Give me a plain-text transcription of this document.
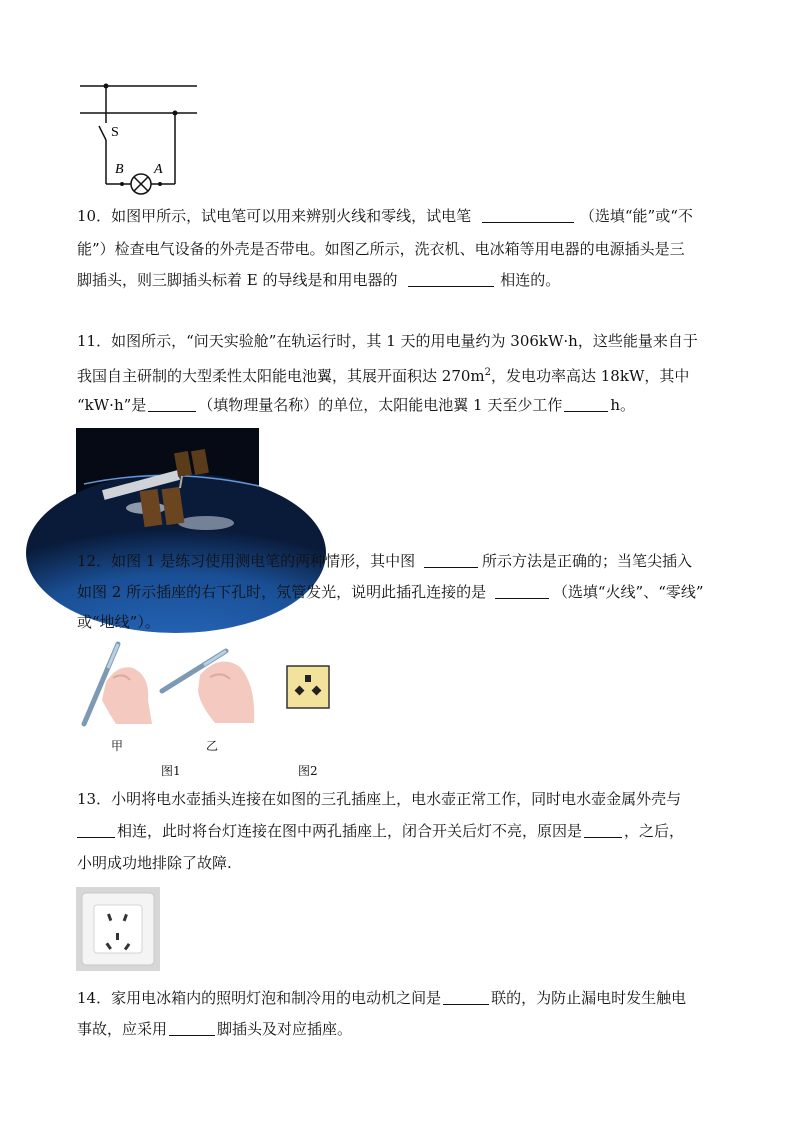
S
B A
10．如图甲所示，试电笔可以用来辨别火线和零线，试电笔	（选填“能”或“不
能”）检查电气设备的外壳是否带电。如图乙所示，洗衣机、电冰箱等用电器的电源插头是三
脚插头，则三脚插头标着 E 的导线是和用电器的	相连的。
11．如图所示，“问天实验舱”在轨运行时，其 1 天的用电量约为 306kW·h，这些能量来自于
我国自主研制的大型柔性太阳能电池翼，其展开面积达 $270m^2$，发电功率高达 18kW，其中
“kW·h”是	（填物理量名称）的单位，太阳能电池翼 1 天至少工作	h。
12．如图 1 是练习使用测电笔的两种情形，其中图	所示方法是正确的；当笔尖插入
如图 2 所示插座的右下孔时，氖管发光，说明此插孔连接的是	（选填“火线”、“零线”
或“地线”）。
甲	乙
图1	图2
13．小明将电水壶插头连接在如图的三孔插座上，电水壶正常工作，同时电水壶金属外壳与
相连，此时将台灯连接在图中两孔插座上，闭合开关后灯不亮，原因是	，之后，
小明成功地排除了故障.
14．家用电冰箱内的照明灯泡和制冷用的电动机之间是	联的，为防止漏电时发生触电
事故，应采用	脚插头及对应插座。
